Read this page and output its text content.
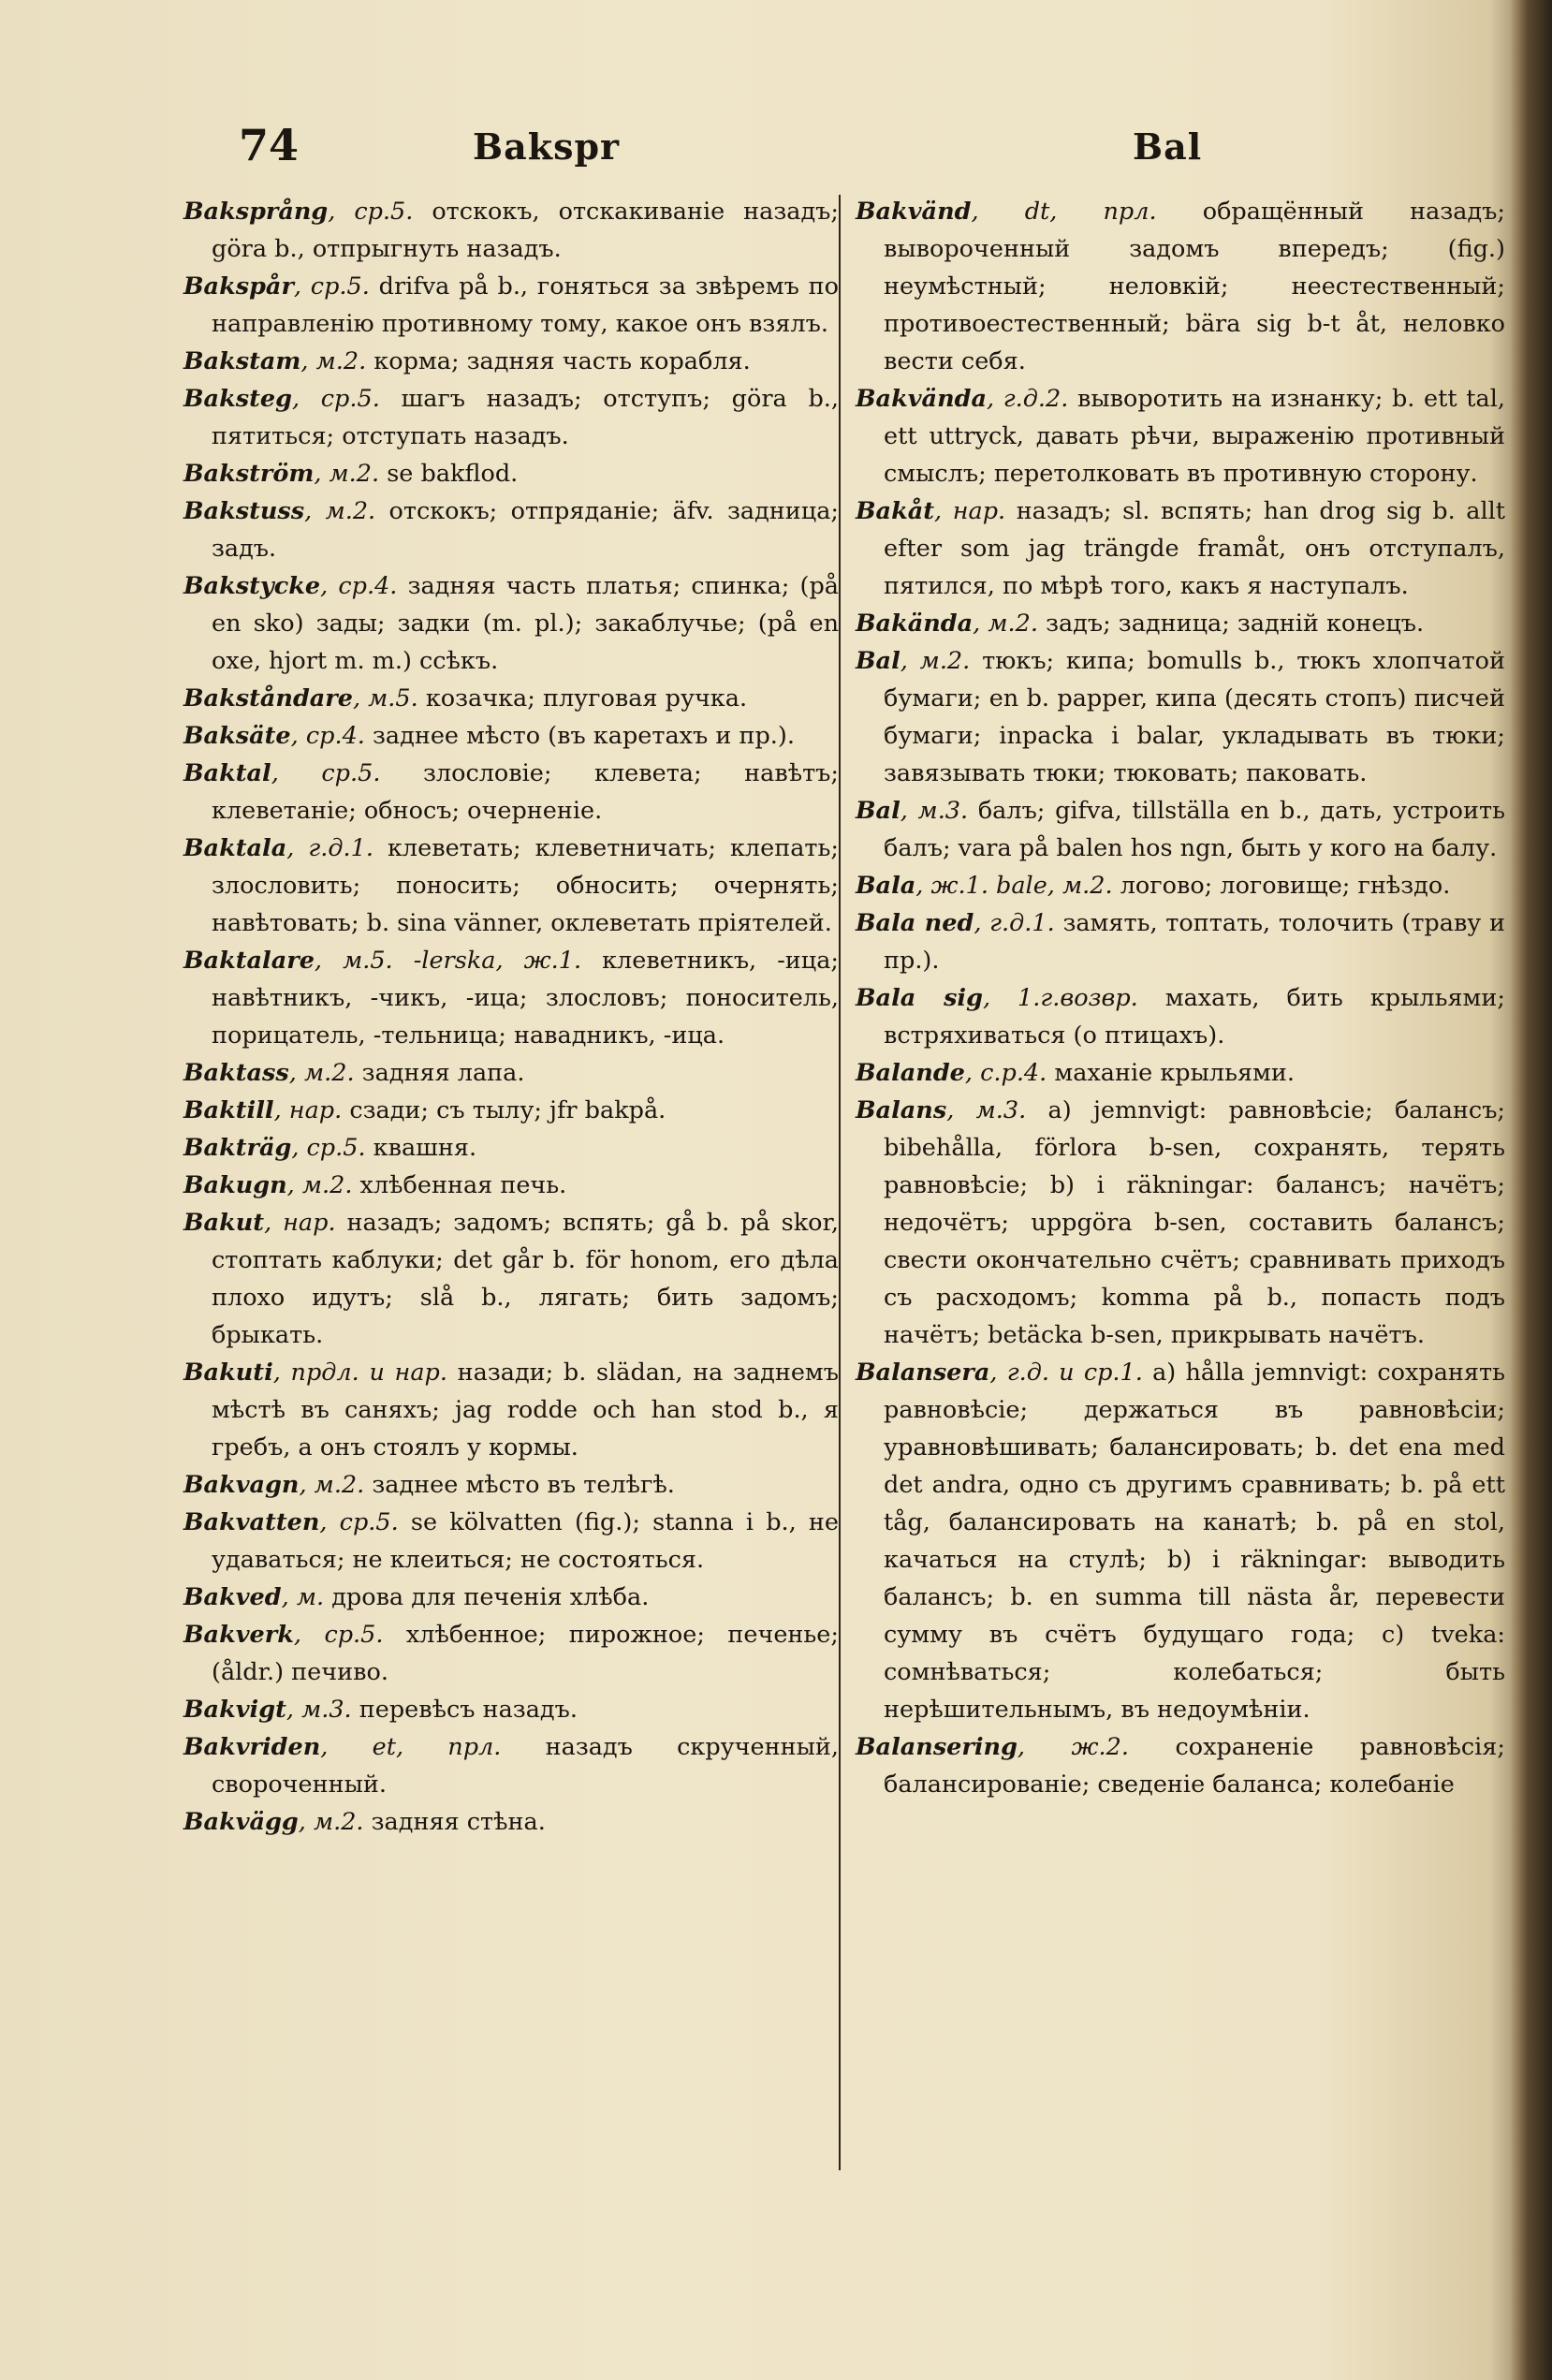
74	Bakspr	Bal

Baksprång, ср.5. отскокъ, отскакиваніе назадъ; göra b., отпрыгнуть назадъ.

Bakspår, ср.5. drifva på b., гоняться за звѣремъ по направленію противному тому, какое онъ взялъ.

Bakstam, м.2. корма; задняя часть корабля.

Baksteg, ср.5. шагъ назадъ; отступъ; göra b., пятиться; отступать назадъ.

Bakström, м.2. se bakflod.

Bakstuss, м.2. отскокъ; отпряданіе; äfv. задница; задъ.

Bakstycke, ср.4. задняя часть платья; спинка; (på en sko) зады; задки (m. pl.); закаблучье; (på en oxe, hjort m. m.) ссѣкъ.

Bakståndare, м.5. козачка; плуговая ручка.

Baksäte, ср.4. заднее мѣсто (въ каретахъ и пр.).

Baktal, ср.5. злословіе; клевета; навѣтъ; клеветаніе; обносъ; очерненіе.

Baktala, г.д.1. клеветать; клеветничать; клепать; злословить; поносить; обносить; очернять; навѣтовать; b. sina vänner, оклеветать пріятелей.

Baktalare, м.5. -lerska, ж.1. клеветникъ, -ица; навѣтникъ, -чикъ, -ица; злословъ; поноситель, порицатель, -тельница; навадникъ, -ица.

Baktass, м.2. задняя лапа.

Baktill, нар. сзади; съ тылу; jfr bakpå.

Bakträg, ср.5. квашня.

Bakugn, м.2. хлѣбенная печь.

Bakut, нар. назадъ; задомъ; вспять; gå b. på skor, стоптать каблуки; det går b. för honom, его дѣла плохо идутъ; slå b., лягать; бить задомъ; брыкать.

Bakuti, прдл. и нар. назади; b. slädan, на заднемъ мѣстѣ въ саняхъ; jag rodde och han stod b., я гребъ, а онъ стоялъ у кормы.

Bakvagn, м.2. заднее мѣсто въ телѣгѣ.

Bakvatten, ср.5. se kölvatten (fig.); stanna i b., не удаваться; не клеиться; не состояться.

Bakved, м. дрова для печенія хлѣба.

Bakverk, ср.5. хлѣбенное; пирожное; печенье; (åldr.) печиво.

Bakvigt, м.3. перевѣсъ назадъ.

Bakvriden, et, прл. назадъ скрученный, свороченный.

Bakvägg, м.2. задняя стѣна.

Bakvänd, dt, прл. обращённый назадъ; вывороченный задомъ впередъ; (fig.) неумѣстный; неловкій; неестественный; противоестественный; bära sig b-t åt, неловко вести себя.

Bakvända, г.д.2. выворотить на изнанку; b. ett tal, ett uttryck, давать рѣчи, выраженію противный смыслъ; перетолковать въ противную сторону.

Bakåt, нар. назадъ; sl. вспять; han drog sig b. allt efter som jag trängde framåt, онъ отступалъ, пятился, по мѣрѣ того, какъ я наступалъ.

Bakända, м.2. задъ; задница; задній конецъ.

Bal, м.2. тюкъ; кипа; bomulls b., тюкъ хлопчатой бумаги; en b. papper, кипа (десять стопъ) писчей бумаги; inpacka i balar, укладывать въ тюки; завязывать тюки; тюковать; паковать.

Bal, м.3. балъ; gifva, tillställa en b., дать, устроить балъ; vara på balen hos ngn, быть у кого на балу.

Bala, ж.1. bale, м.2. логово; логовище; гнѣздо.

Bala ned, г.д.1. замять, топтать, толочить (траву и пр.).

Bala sig, 1.г.возвр. махать, бить крыльями; встряхиваться (о птицахъ).

Balande, с.р.4. маханіе крыльями.

Balans, м.3. a) jemnvigt: равновѣсіе; балансъ; bibehålla, förlora b-sen, сохранять, терять равновѣсіе; b) i räkningar: балансъ; начётъ; недочётъ; uppgöra b-sen, составить балансъ; свести окончательно счётъ; сравнивать приходъ съ расходомъ; komma på b., попасть подъ начётъ; betäcka b-sen, прикрывать начётъ.

Balansera, г.д. и ср.1. a) hålla jemnvigt: сохранять равновѣсіе; держаться въ равновѣсіи; уравновѣшивать; балансировать; b. det ena med det andra, одно съ другимъ сравнивать; b. på ett tåg, балансировать на канатѣ; b. på en stol, качаться на стулѣ; b) i räkningar: выводить балансъ; b. en summa till nästa år, перевести сумму въ счётъ будущаго года; c) tveka: сомнѣваться; колебаться; быть нерѣшительнымъ, въ недоумѣніи.

Balansering, ж.2. сохраненіе равновѣсія; балансированіе; сведеніе баланса; колебаніе
